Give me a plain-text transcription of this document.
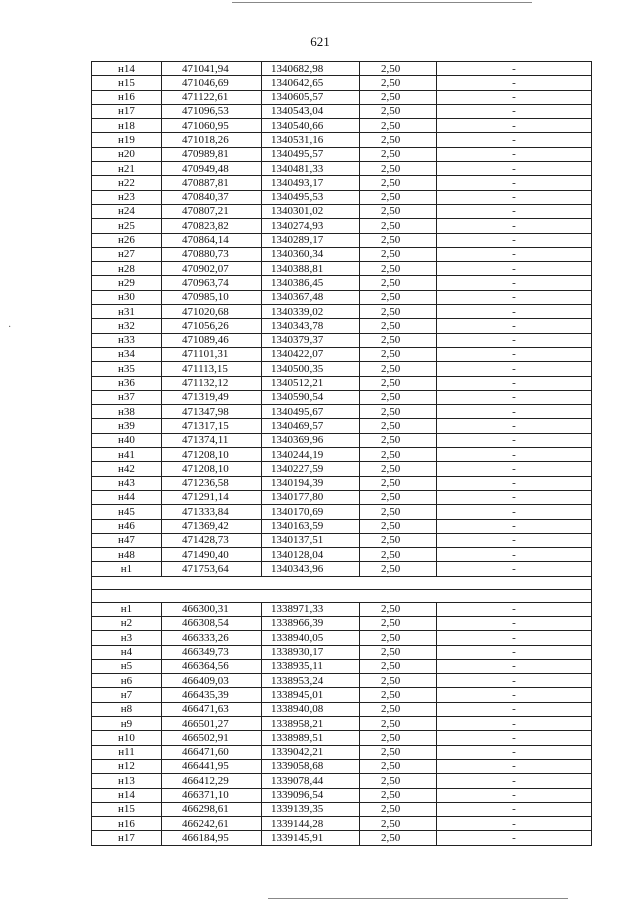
621
·
н14	471041,94	1340682,98	2,50	-
н15	471046,69	1340642,65	2,50	-
н16	471122,61	1340605,57	2,50	-
н17	471096,53	1340543,04	2,50	-
н18	471060,95	1340540,66	2,50	-
н19	471018,26	1340531,16	2,50	-
н20	470989,81	1340495,57	2,50	-
н21	470949,48	1340481,33	2,50	-
н22	470887,81	1340493,17	2,50	-
н23	470840,37	1340495,53	2,50	-
н24	470807,21	1340301,02	2,50	-
н25	470823,82	1340274,93	2,50	-
н26	470864,14	1340289,17	2,50	-
н27	470880,73	1340360,34	2,50	-
н28	470902,07	1340388,81	2,50	-
н29	470963,74	1340386,45	2,50	-
н30	470985,10	1340367,48	2,50	-
н31	471020,68	1340339,02	2,50	-
н32	471056,26	1340343,78	2,50	-
н33	471089,46	1340379,37	2,50	-
н34	471101,31	1340422,07	2,50	-
н35	471113,15	1340500,35	2,50	-
н36	471132,12	1340512,21	2,50	-
н37	471319,49	1340590,54	2,50	-
н38	471347,98	1340495,67	2,50	-
н39	471317,15	1340469,57	2,50	-
н40	471374,11	1340369,96	2,50	-
н41	471208,10	1340244,19	2,50	-
н42	471208,10	1340227,59	2,50	-
н43	471236,58	1340194,39	2,50	-
н44	471291,14	1340177,80	2,50	-
н45	471333,84	1340170,69	2,50	-
н46	471369,42	1340163,59	2,50	-
н47	471428,73	1340137,51	2,50	-
н48	471490,40	1340128,04	2,50	-
н1	471753,64	1340343,96	2,50	-

н1	466300,31	1338971,33	2,50	-
н2	466308,54	1338966,39	2,50	-
н3	466333,26	1338940,05	2,50	-
н4	466349,73	1338930,17	2,50	-
н5	466364,56	1338935,11	2,50	-
н6	466409,03	1338953,24	2,50	-
н7	466435,39	1338945,01	2,50	-
н8	466471,63	1338940,08	2,50	-
н9	466501,27	1338958,21	2,50	-
н10	466502,91	1338989,51	2,50	-
н11	466471,60	1339042,21	2,50	-
н12	466441,95	1339058,68	2,50	-
н13	466412,29	1339078,44	2,50	-
н14	466371,10	1339096,54	2,50	-
н15	466298,61	1339139,35	2,50	-
н16	466242,61	1339144,28	2,50	-
н17	466184,95	1339145,91	2,50	-
